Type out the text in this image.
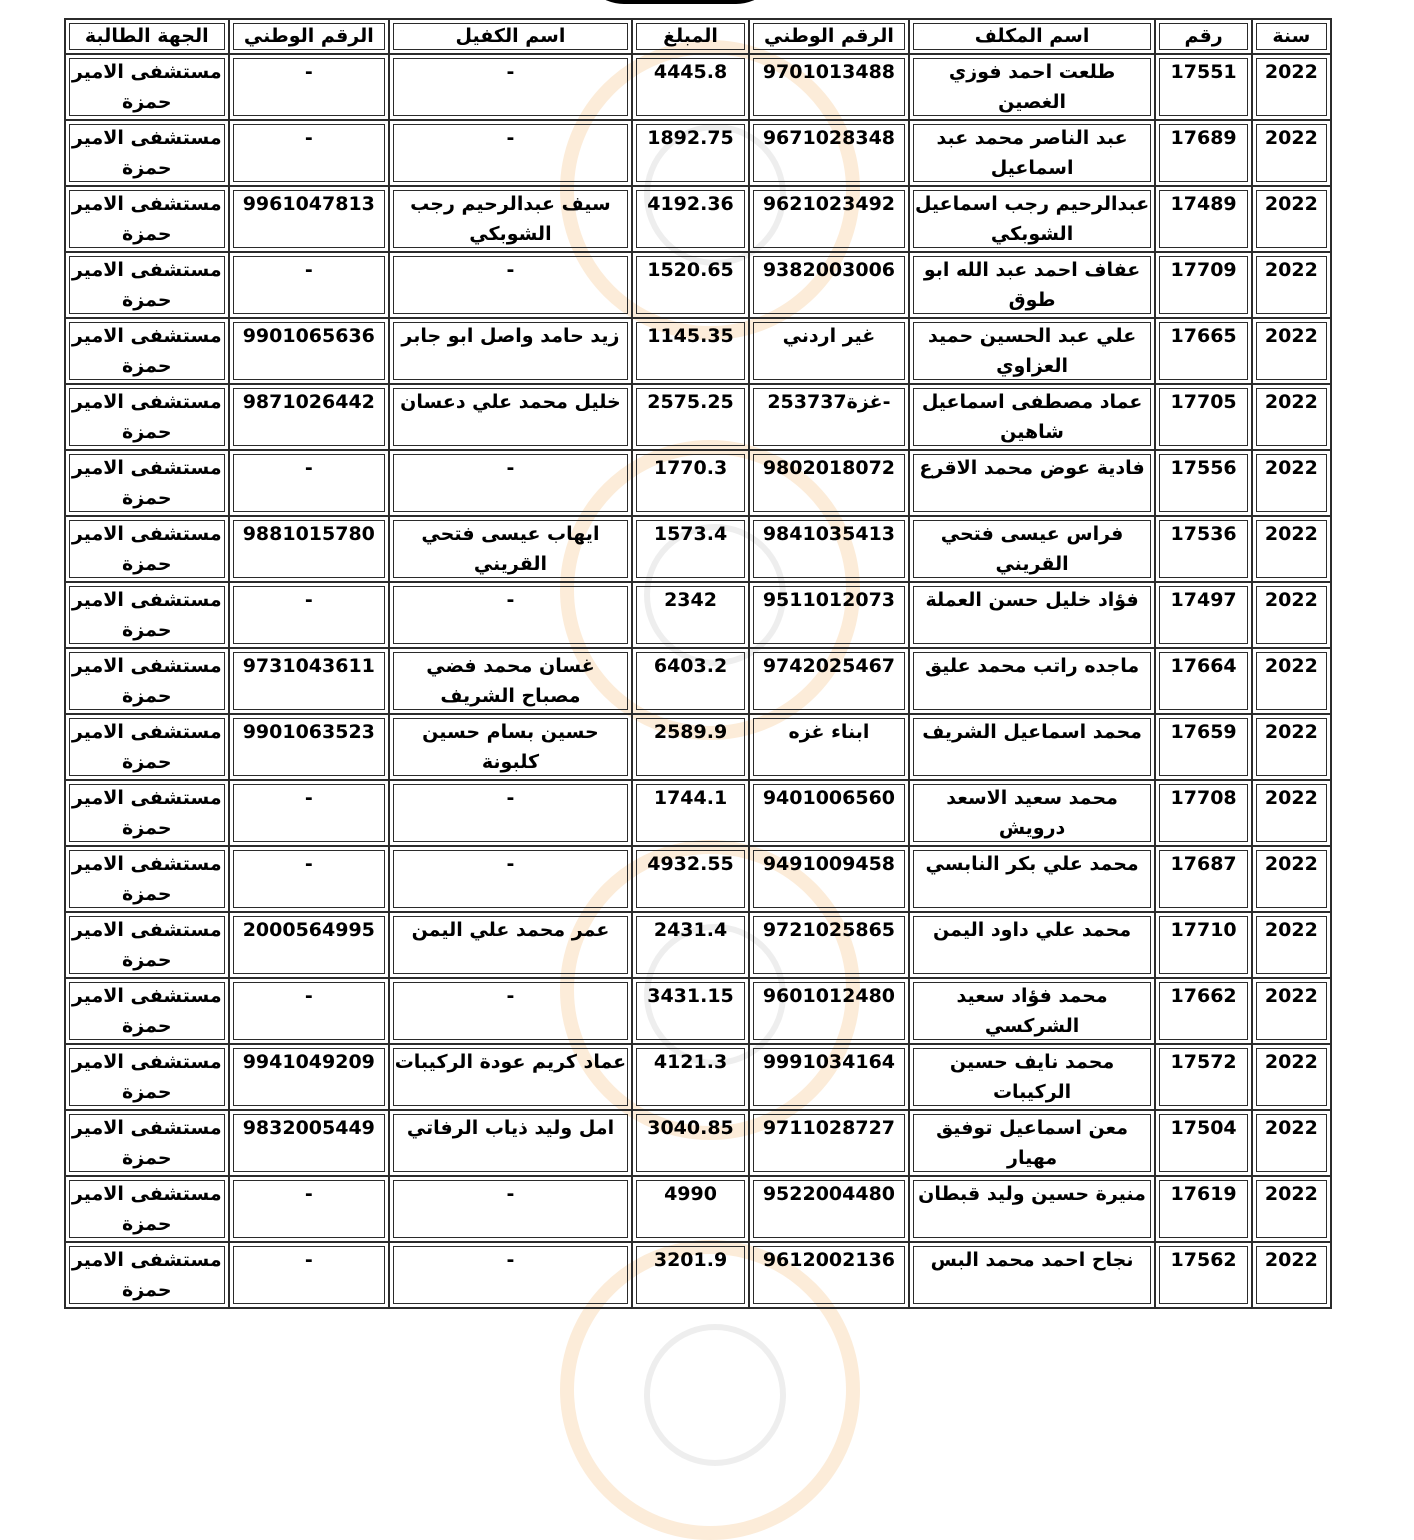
سنة	رقم	اسم المكلف	الرقم الوطني	المبلغ	اسم الكفيل	الرقم الوطني	الجهة الطالبة
2022	17551	طلعت احمد فوزي الغصين	9701013488	4445.8	-	-	مستشفى الامير حمزة
2022	17689	عبد الناصر محمد عبد اسماعيل	9671028348	1892.75	-	-	مستشفى الامير حمزة
2022	17489	عبدالرحيم رجب اسماعيل الشوبكي	9621023492	4192.36	سيف عبدالرحيم رجب الشوبكي	9961047813	مستشفى الامير حمزة
2022	17709	عفاف احمد عبد الله ابو طوق	9382003006	1520.65	-	-	مستشفى الامير حمزة
2022	17665	علي عبد الحسين حميد العزاوي	غير اردني	1145.35	زيد حامد واصل ابو جابر	9901065636	مستشفى الامير حمزة
2022	17705	عماد مصطفى اسماعيل شاهين	غزة253737-	2575.25	خليل محمد علي دعسان	9871026442	مستشفى الامير حمزة
2022	17556	فادية عوض محمد الاقرع	9802018072	1770.3	-	-	مستشفى الامير حمزة
2022	17536	فراس عيسى فتحي القريني	9841035413	1573.4	ايهاب عيسى فتحي القريني	9881015780	مستشفى الامير حمزة
2022	17497	فؤاد خليل حسن العملة	9511012073	2342	-	-	مستشفى الامير حمزة
2022	17664	ماجده راتب محمد عليق	9742025467	6403.2	غسان محمد فضي مصباح الشريف	9731043611	مستشفى الامير حمزة
2022	17659	محمد اسماعيل الشريف	ابناء غزه	2589.9	حسين بسام حسين كلبونة	9901063523	مستشفى الامير حمزة
2022	17708	محمد سعيد الاسعد درويش	9401006560	1744.1	-	-	مستشفى الامير حمزة
2022	17687	محمد علي بكر النابسي	9491009458	4932.55	-	-	مستشفى الامير حمزة
2022	17710	محمد علي داود اليمن	9721025865	2431.4	عمر محمد علي اليمن	2000564995	مستشفى الامير حمزة
2022	17662	محمد فؤاد سعيد الشركسي	9601012480	3431.15	-	-	مستشفى الامير حمزة
2022	17572	محمد نايف حسين الركيبات	9991034164	4121.3	عماد كريم عودة الركيبات	9941049209	مستشفى الامير حمزة
2022	17504	معن اسماعيل توفيق مهيار	9711028727	3040.85	امل وليد ذياب الرفاتي	9832005449	مستشفى الامير حمزة
2022	17619	منيرة حسين وليد قبطان	9522004480	4990	-	-	مستشفى الامير حمزة
2022	17562	نجاح احمد محمد البس	9612002136	3201.9	-	-	مستشفى الامير حمزة
